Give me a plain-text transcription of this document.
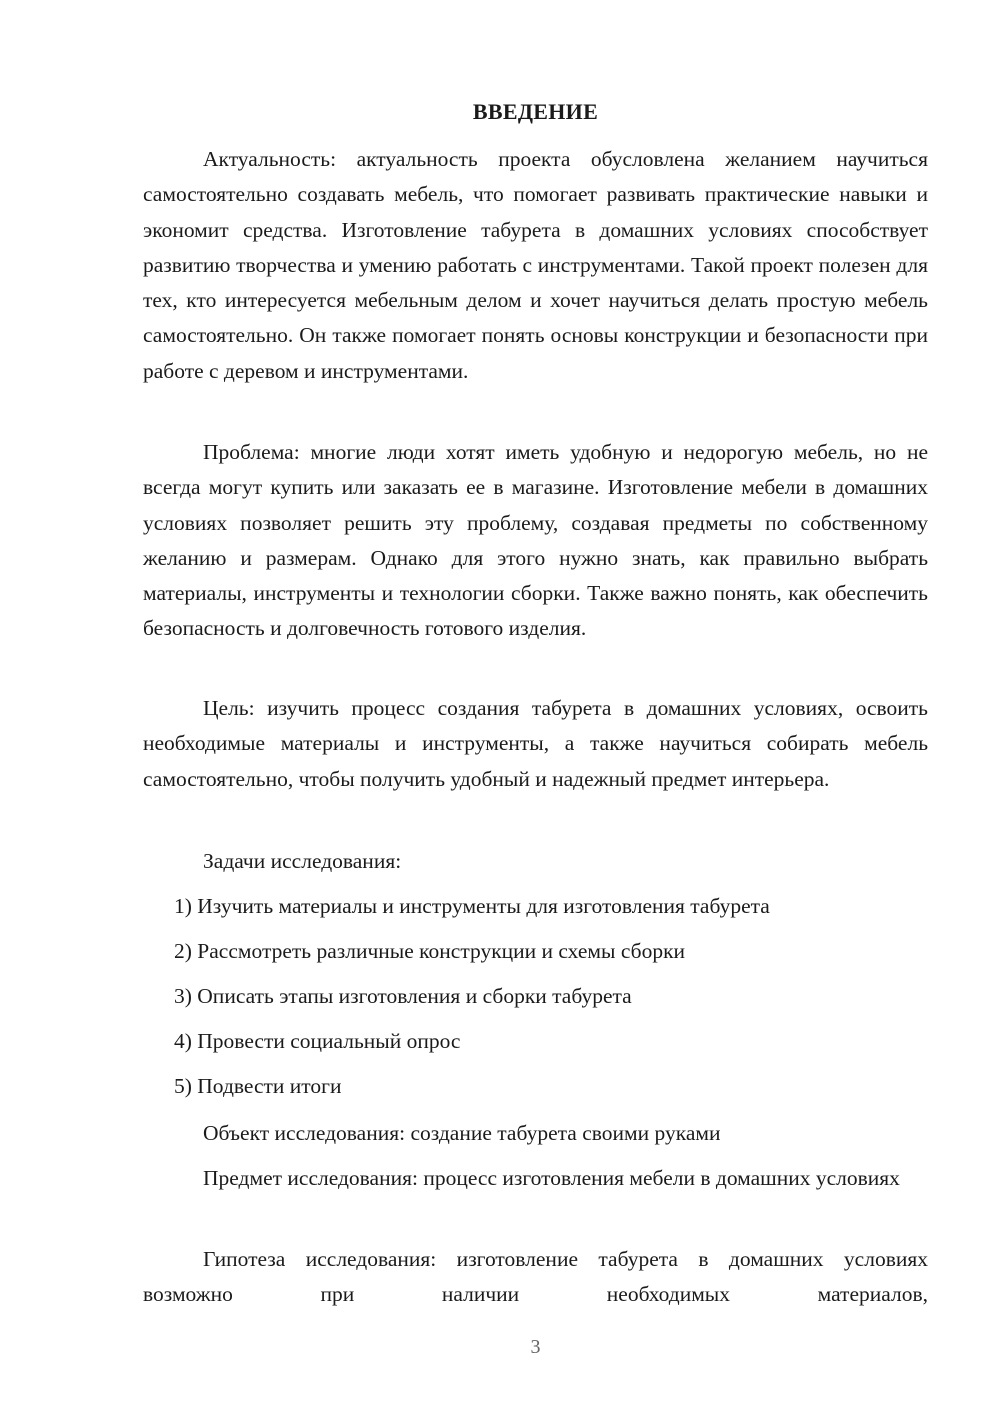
ВВЕДЕНИЕ

Актуальность: актуальность проекта обусловлена желанием научиться самостоятельно создавать мебель, что помогает развивать практические навыки и экономит средства. Изготовление табурета в домашних условиях способствует развитию творчества и умению работать с инструментами. Такой проект полезен для тех, кто интересуется мебельным делом и хочет научиться делать простую мебель самостоятельно. Он также помогает понять основы конструкции и безопасности при работе с деревом и инструментами.

Проблема: многие люди хотят иметь удобную и недорогую мебель, но не всегда могут купить или заказать ее в магазине. Изготовление мебели в домашних условиях позволяет решить эту проблему, создавая предметы по собственному желанию и размерам. Однако для этого нужно знать, как правильно выбрать материалы, инструменты и технологии сборки. Также важно понять, как обеспечить безопасность и долговечность готового изделия.

Цель: изучить процесс создания табурета в домашних условиях, освоить необходимые материалы и инструменты, а также научиться собирать мебель самостоятельно, чтобы получить удобный и надежный предмет интерьера.

Задачи исследования:
1) Изучить материалы и инструменты для изготовления табурета
2) Рассмотреть различные конструкции и схемы сборки
3) Описать этапы изготовления и сборки табурета
4) Провести социальный опрос
5) Подвести итоги

Объект исследования: создание табурета своими руками

Предмет исследования: процесс изготовления мебели в домашних условиях

Гипотеза исследования: изготовление табурета в домашних условиях возможно при наличии необходимых материалов,

3
